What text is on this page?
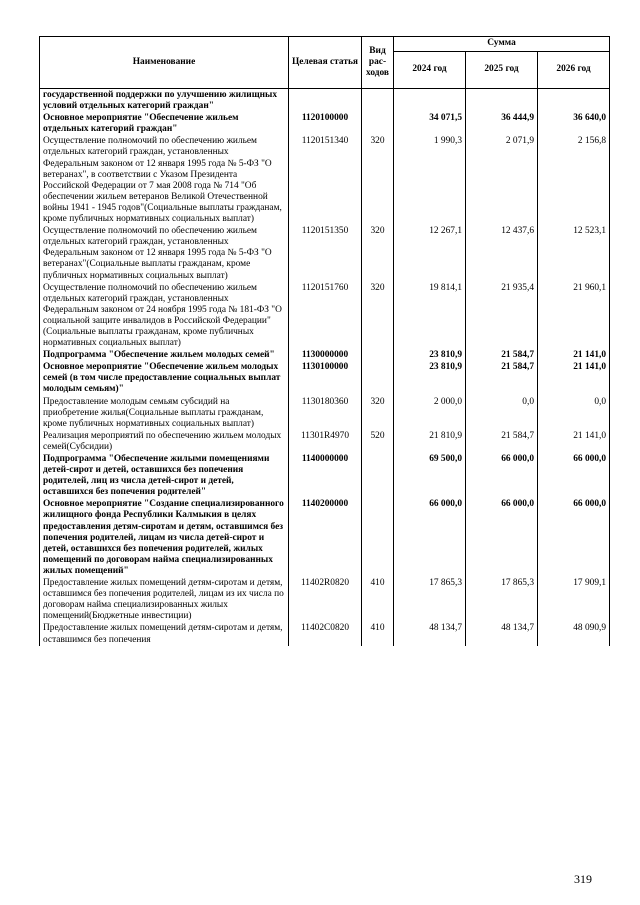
Наименование	Целевая статья	Вид рас-ходов	Сумма		
			2024 год	2025 год	2026 год
государственной поддержки по улучшению жилищных условий отдельных категорий граждан"					
Основное мероприятие "Обеспечение жильем отдельных категорий граждан"	1120100000		34 071,5	36 444,9	36 640,0
Осуществление полномочий по обеспечению жильем отдельных категорий граждан, установленных Федеральным законом от 12 января 1995 года № 5-ФЗ "О ветеранах", в соответствии с Указом Президента Российской Федерации от 7 мая 2008 года № 714 "Об обеспечении жильем ветеранов Великой Отечественной войны 1941 - 1945 годов"(Социальные выплаты гражданам, кроме публичных нормативных социальных выплат)	1120151340	320	1 990,3	2 071,9	2 156,8
Осуществление полномочий по обеспечению жильем отдельных категорий граждан, установленных Федеральным законом от 12 января 1995 года № 5-ФЗ "О ветеранах"(Социальные выплаты гражданам, кроме публичных нормативных социальных выплат)	1120151350	320	12 267,1	12 437,6	12 523,1
Осуществление полномочий по обеспечению жильем отдельных категорий граждан, установленных Федеральным законом от 24 ноября 1995 года № 181-ФЗ "О социальной защите инвалидов в Российской Федерации"(Социальные выплаты гражданам, кроме публичных нормативных социальных выплат)	1120151760	320	19 814,1	21 935,4	21 960,1
Подпрограмма "Обеспечение жильем молодых семей"	1130000000		23 810,9	21 584,7	21 141,0
Основное мероприятие "Обеспечение жильем молодых семей (в том числе предоставление социальных выплат молодым семьям)"	1130100000		23 810,9	21 584,7	21 141,0
Предоставление молодым семьям субсидий на приобретение жилья(Социальные выплаты гражданам, кроме публичных нормативных социальных выплат)	1130180360	320	2 000,0	0,0	0,0
Реализация мероприятий по обеспечению жильем молодых семей(Субсидии)	11301R4970	520	21 810,9	21 584,7	21 141,0
Подпрограмма "Обеспечение жилыми помещениями детей-сирот и детей, оставшихся без попечения родителей, лиц из числа детей-сирот и детей, оставшихся без попечения родителей"	1140000000		69 500,0	66 000,0	66 000,0
Основное мероприятие "Создание специализированного жилищного фонда Республики Калмыкия в целях предоставления детям-сиротам и детям, оставшимся без попечения родителей, лицам из числа детей-сирот и детей, оставшихся без попечения родителей, жилых помещений по договорам найма специализированных жилых помещений"	1140200000		66 000,0	66 000,0	66 000,0
Предоставление жилых помещений детям-сиротам и детям, оставшимся без попечения родителей, лицам из их числа по договорам найма специализированных жилых помещений(Бюджетные инвестиции)	11402R0820	410	17 865,3	17 865,3	17 909,1
Предоставление жилых помещений детям-сиротам и детям, оставшимся без попечения	11402C0820	410	48 134,7	48 134,7	48 090,9
319
